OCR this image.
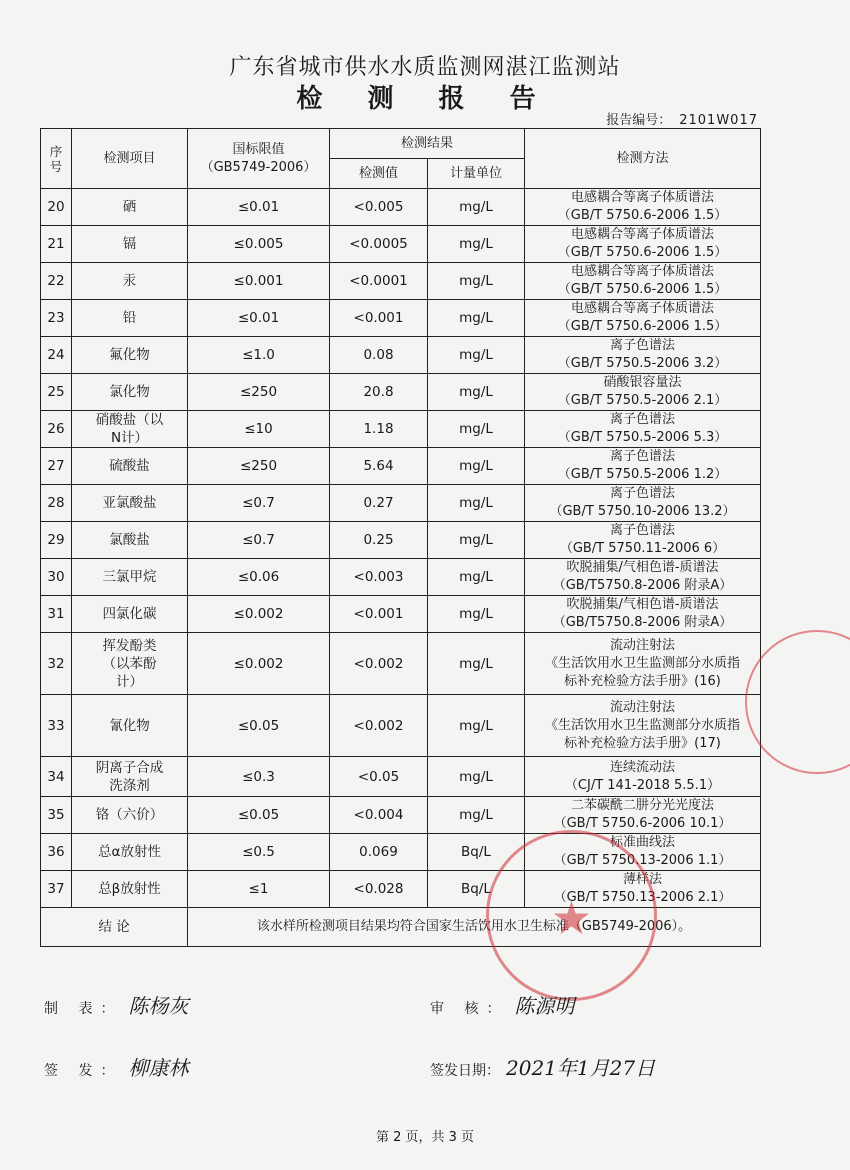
广东省城市供水水质监测网湛江监测站
检 测 报 告
报告编号： 2101W017
序号	检测项目	国标限值（GB5749-2006）	检测结果		检测方法
			检测值	计量单位	
20	硒	≤0.01	<0.005	mg/L	电感耦合等离子体质谱法
（GB/T 5750.6-2006 1.5）

21	镉	≤0.005	<0.0005	mg/L	电感耦合等离子体质谱法
（GB/T 5750.6-2006 1.5）

22	汞	≤0.001	<0.0001	mg/L	电感耦合等离子体质谱法
（GB/T 5750.6-2006 1.5）

23	铅	≤0.01	<0.001	mg/L	电感耦合等离子体质谱法
（GB/T 5750.6-2006 1.5）

24	氟化物	≤1.0	0.08	mg/L	离子色谱法
（GB/T 5750.5-2006 3.2）

25	氯化物	≤250	20.8	mg/L	硝酸银容量法
（GB/T 5750.5-2006 2.1）

26	硝酸盐（以N计）	≤10	1.18	mg/L	离子色谱法
（GB/T 5750.5-2006 5.3）

27	硫酸盐	≤250	5.64	mg/L	离子色谱法
（GB/T 5750.5-2006 1.2）

28	亚氯酸盐	≤0.7	0.27	mg/L	离子色谱法
（GB/T 5750.10-2006 13.2）

29	氯酸盐	≤0.7	0.25	mg/L	离子色谱法
（GB/T 5750.11-2006 6）

30	三氯甲烷	≤0.06	<0.003	mg/L	吹脱捕集/气相色谱-质谱法
（GB/T5750.8-2006 附录A）

31	四氯化碳	≤0.002	<0.001	mg/L	吹脱捕集/气相色谱-质谱法
（GB/T5750.8-2006 附录A）

32	挥发酚类（以苯酚计）	≤0.002	<0.002	mg/L	流动注射法
《生活饮用水卫生监测部分水质指
标补充检验方法手册》(16)

33	氰化物	≤0.05	<0.002	mg/L	流动注射法
《生活饮用水卫生监测部分水质指
标补充检验方法手册》(17)

34	阴离子合成洗涤剂	≤0.3	<0.05	mg/L	连续流动法
（CJ/T 141-2018 5.5.1）

35	铬（六价）	≤0.05	<0.004	mg/L	二苯碳酰二肼分光光度法
（GB/T 5750.6-2006 10.1）

36	总α放射性	≤0.5	0.069	Bq/L	标准曲线法
（GB/T 5750.13-2006 1.1）

37	总β放射性	≤1	<0.028	Bq/L	薄样法
（GB/T 5750.13-2006 2.1）

结 论		该水样所检测项目结果均符合国家生活饮用水卫生标准（GB5749-2006）。			
★
制 表： 陈杨灰	审 核： 陈源明
签 发： 柳康林	签发日期： 2021年1月27日
第 2 页，共 3 页
